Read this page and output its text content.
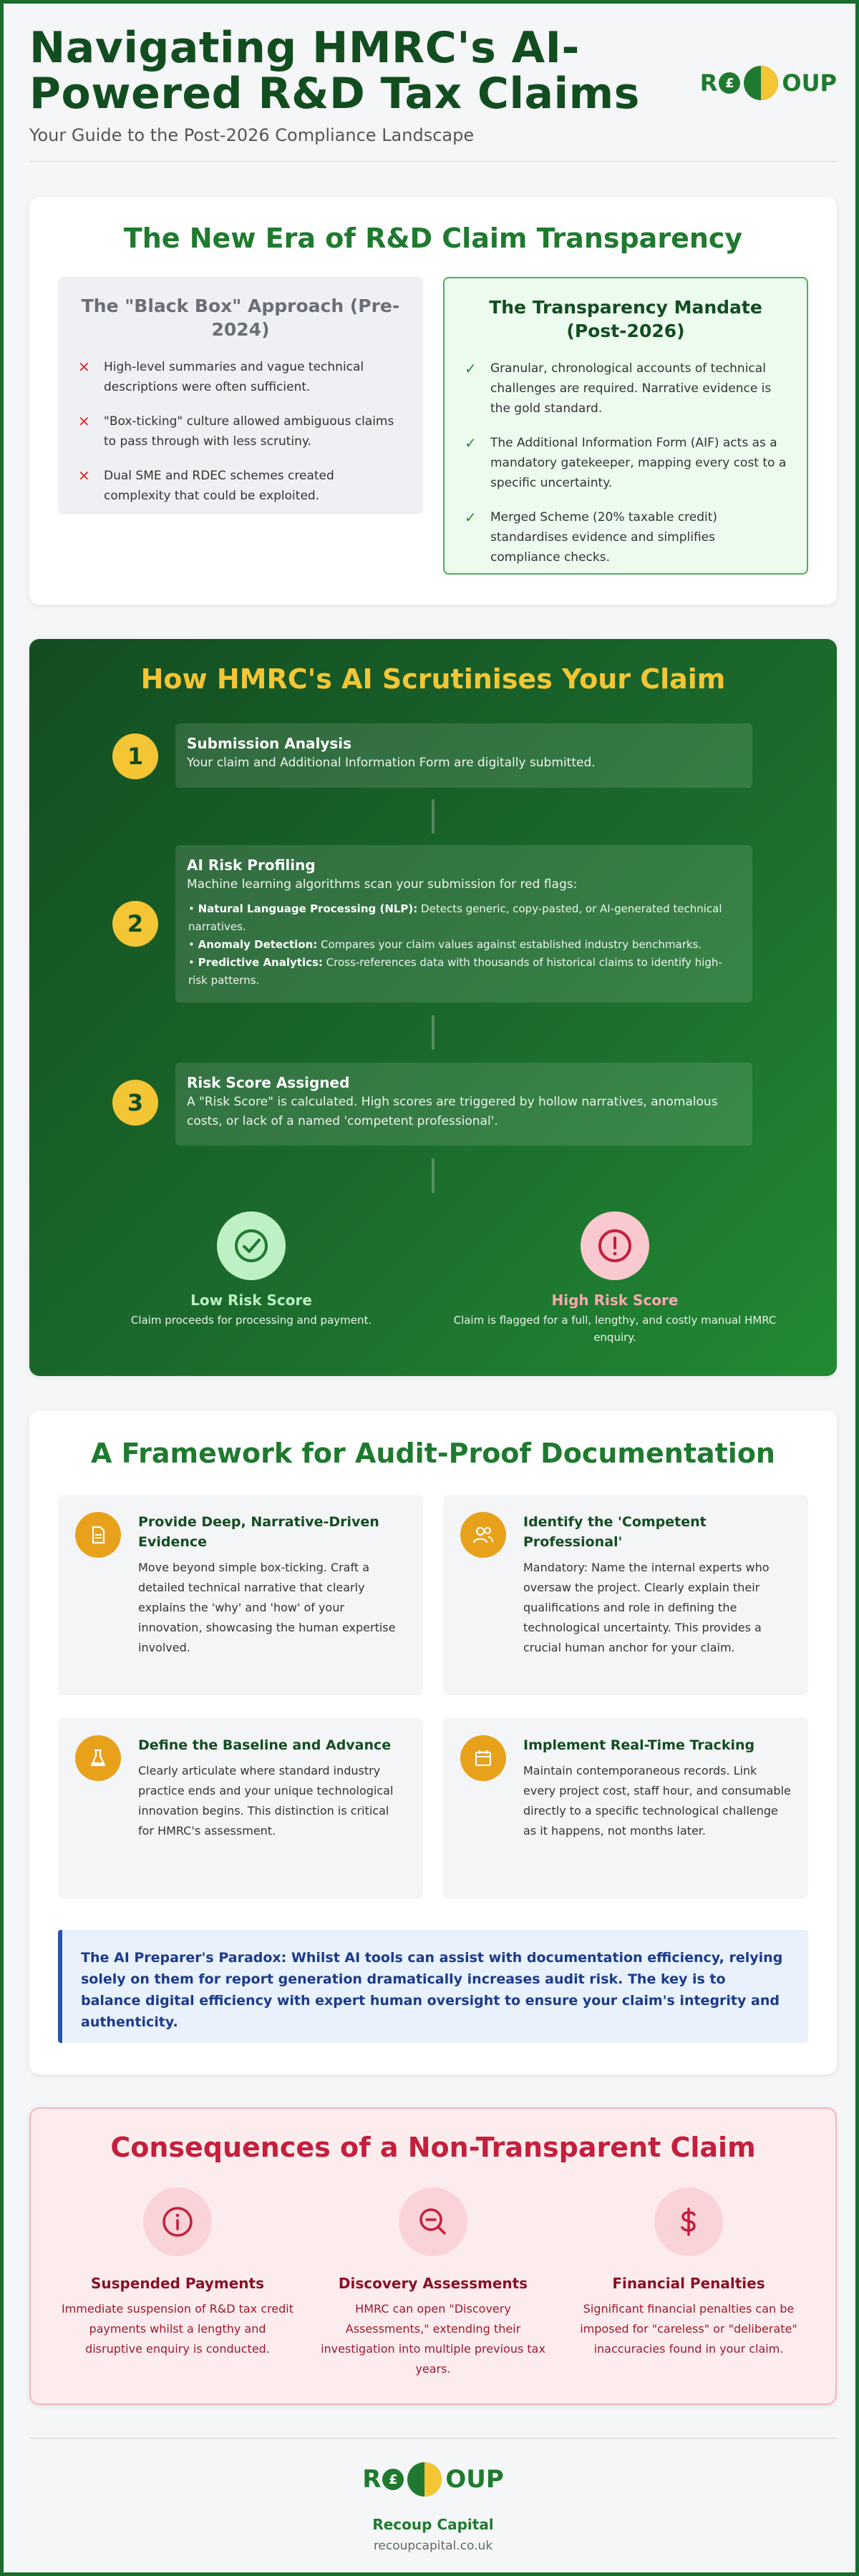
Navigating HMRC's AI-Powered R&D Tax Claims
Your Guide to the Post-2026 Compliance Landscape
R £ OUP
The New Era of R&D Claim Transparency
The "Black Box" Approach (Pre-2024)
✕ High-level summaries and vague technical descriptions were often sufficient.
✕ "Box-ticking" culture allowed ambiguous claims to pass through with less scrutiny.
✕ Dual SME and RDEC schemes created complexity that could be exploited.
The Transparency Mandate (Post-2026)
✓ Granular, chronological accounts of technical challenges are required. Narrative evidence is the gold standard.
✓ The Additional Information Form (AIF) acts as a mandatory gatekeeper, mapping every cost to a specific uncertainty.
✓ Merged Scheme (20% taxable credit) standardises evidence and simplifies compliance checks.
How HMRC's AI Scrutinises Your Claim
1	Submission Analysis

Your claim and Additional Information Form are digitally submitted.

2
AI Risk Profiling

Machine learning algorithms scan your submission for red flags:

• Natural Language Processing (NLP): Detects generic, copy-pasted, or AI-generated technical narratives.
• Anomaly Detection: Compares your claim values against established industry benchmarks.
• Predictive Analytics: Cross-references data with thousands of historical claims to identify high-risk patterns.
3
Risk Score Assigned

A "Risk Score" is calculated. High scores are triggered by hollow narratives, anomalous costs, or lack of a named 'competent professional'.

Low Risk Score

Claim proceeds for processing and payment.

High Risk Score

Claim is flagged for a full, lengthy, and costly manual HMRC enquiry.

A Framework for Audit-Proof Documentation
Provide Deep, Narrative-Driven Evidence

Move beyond simple box-ticking. Craft a detailed technical narrative that clearly explains the 'why' and 'how' of your innovation, showcasing the human expertise involved.

Identify the 'Competent Professional'

Mandatory: Name the internal experts who oversaw the project. Clearly explain their qualifications and role in defining the technological uncertainty. This provides a crucial human anchor for your claim.

Define the Baseline and Advance

Clearly articulate where standard industry practice ends and your unique technological innovation begins. This distinction is critical for HMRC's assessment.

Implement Real-Time Tracking

Maintain contemporaneous records. Link every project cost, staff hour, and consumable directly to a specific technological challenge as it happens, not months later.

The AI Preparer's Paradox: Whilst AI tools can assist with documentation efficiency, relying solely on them for report generation dramatically increases audit risk. The key is to balance digital efficiency with expert human oversight to ensure your claim's integrity and authenticity.
Consequences of a Non-Transparent Claim
Suspended Payments

Immediate suspension of R&D tax credit payments whilst a lengthy and disruptive enquiry is conducted.

Discovery Assessments

HMRC can open "Discovery Assessments," extending their investigation into multiple previous tax years.

Financial Penalties

Significant financial penalties can be imposed for "careless" or "deliberate" inaccuracies found in your claim.

R £ OUP
Recoup Capital
recoupcapital.co.uk
